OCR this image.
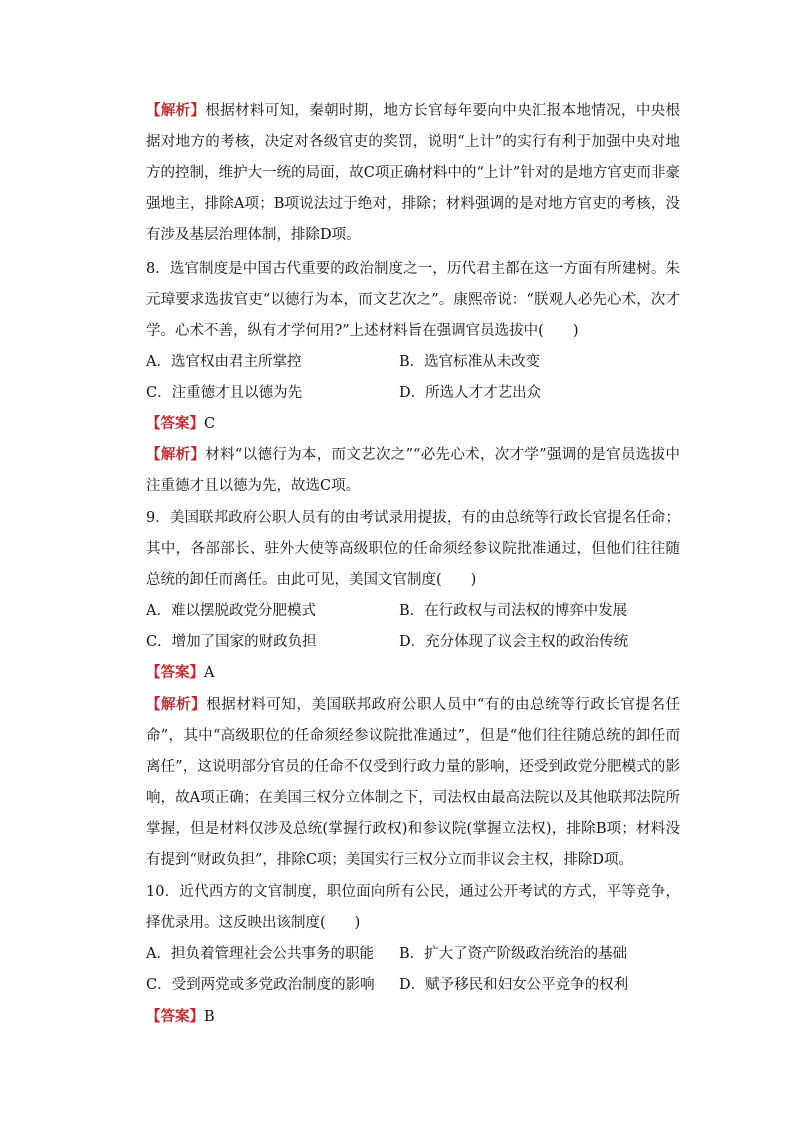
【解析】根据材料可知，秦朝时期，地方长官每年要向中央汇报本地情况，中央根据对地方的考核，决定对各级官吏的奖罚，说明“上计”的实行有利于加强中央对地方的控制，维护大一统的局面，故C项正确材料中的“上计”针对的是地方官吏而非豪强地主，排除A项；B项说法过于绝对，排除；材料强调的是对地方官吏的考核，没有涉及基层治理体制，排除D项。

8．选官制度是中国古代重要的政治制度之一，历代君主都在这一方面有所建树。朱元璋要求选拔官吏“以德行为本，而文艺次之”。康熙帝说：“朕观人必先心术，次才学。心术不善，纵有才学何用?”上述材料旨在强调官员选拔中(　　)

A．选官权由君主所掌控	B．选官标准从未改变
C．注重德才且以德为先	D．所选人才才艺出众

【答案】C

【解析】材料“以德行为本，而文艺次之”“必先心术，次才学”强调的是官员选拔中注重德才且以德为先，故选C项。

9．美国联邦政府公职人员有的由考试录用提拔，有的由总统等行政长官提名任命；其中，各部部长、驻外大使等高级职位的任命须经参议院批准通过，但他们往往随总统的卸任而离任。由此可见，美国文官制度(　　)

A．难以摆脱政党分肥模式	B．在行政权与司法权的博弈中发展
C．增加了国家的财政负担	D．充分体现了议会主权的政治传统

【答案】A

【解析】根据材料可知，美国联邦政府公职人员中“有的由总统等行政长官提名任命”，其中“高级职位的任命须经参议院批准通过”，但是“他们往往随总统的卸任而离任”，这说明部分官员的任命不仅受到行政力量的影响，还受到政党分肥模式的影响，故A项正确；在美国三权分立体制之下，司法权由最高法院以及其他联邦法院所掌握，但是材料仅涉及总统(掌握行政权)和参议院(掌握立法权)，排除B项；材料没有提到“财政负担”，排除C项；美国实行三权分立而非议会主权，排除D项。

10．近代西方的文官制度，职位面向所有公民，通过公开考试的方式，平等竞争，择优录用。这反映出该制度(　　)

A．担负着管理社会公共事务的职能	B．扩大了资产阶级政治统治的基础
C．受到两党或多党政治制度的影响	D．赋予移民和妇女公平竞争的权利

【答案】B
